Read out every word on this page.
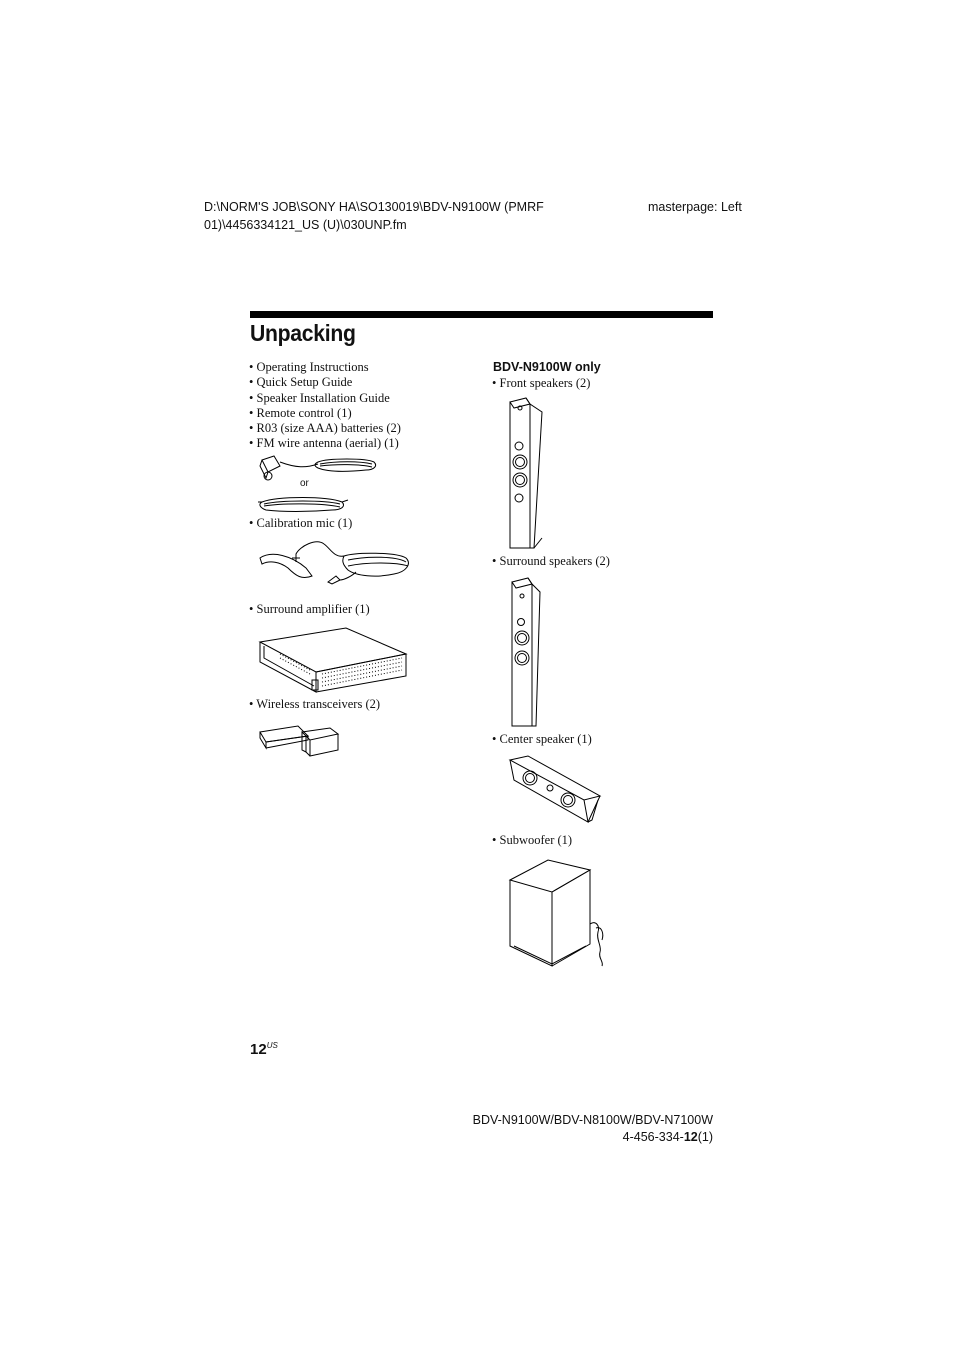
D:\NORM'S JOB\SONY HA\SO130019\BDV-N9100W (PMRF 01)\4456334121_US (U)\030UNP.fm
masterpage: Left
Unpacking
• Operating Instructions
• Quick Setup Guide
• Speaker Installation Guide
• Remote control (1)
• R03 (size AAA) batteries (2)
• FM wire antenna (aerial) (1)
or
• Calibration mic (1)
• Surround amplifier (1)
• Wireless transceivers (2)
BDV-N9100W only
• Front speakers (2)
• Surround speakers (2)
• Center speaker (1)
• Subwoofer (1)
$12^{US}$
BDV-N9100W/BDV-N8100W/BDV-N7100W
4-456-334-12(1)
